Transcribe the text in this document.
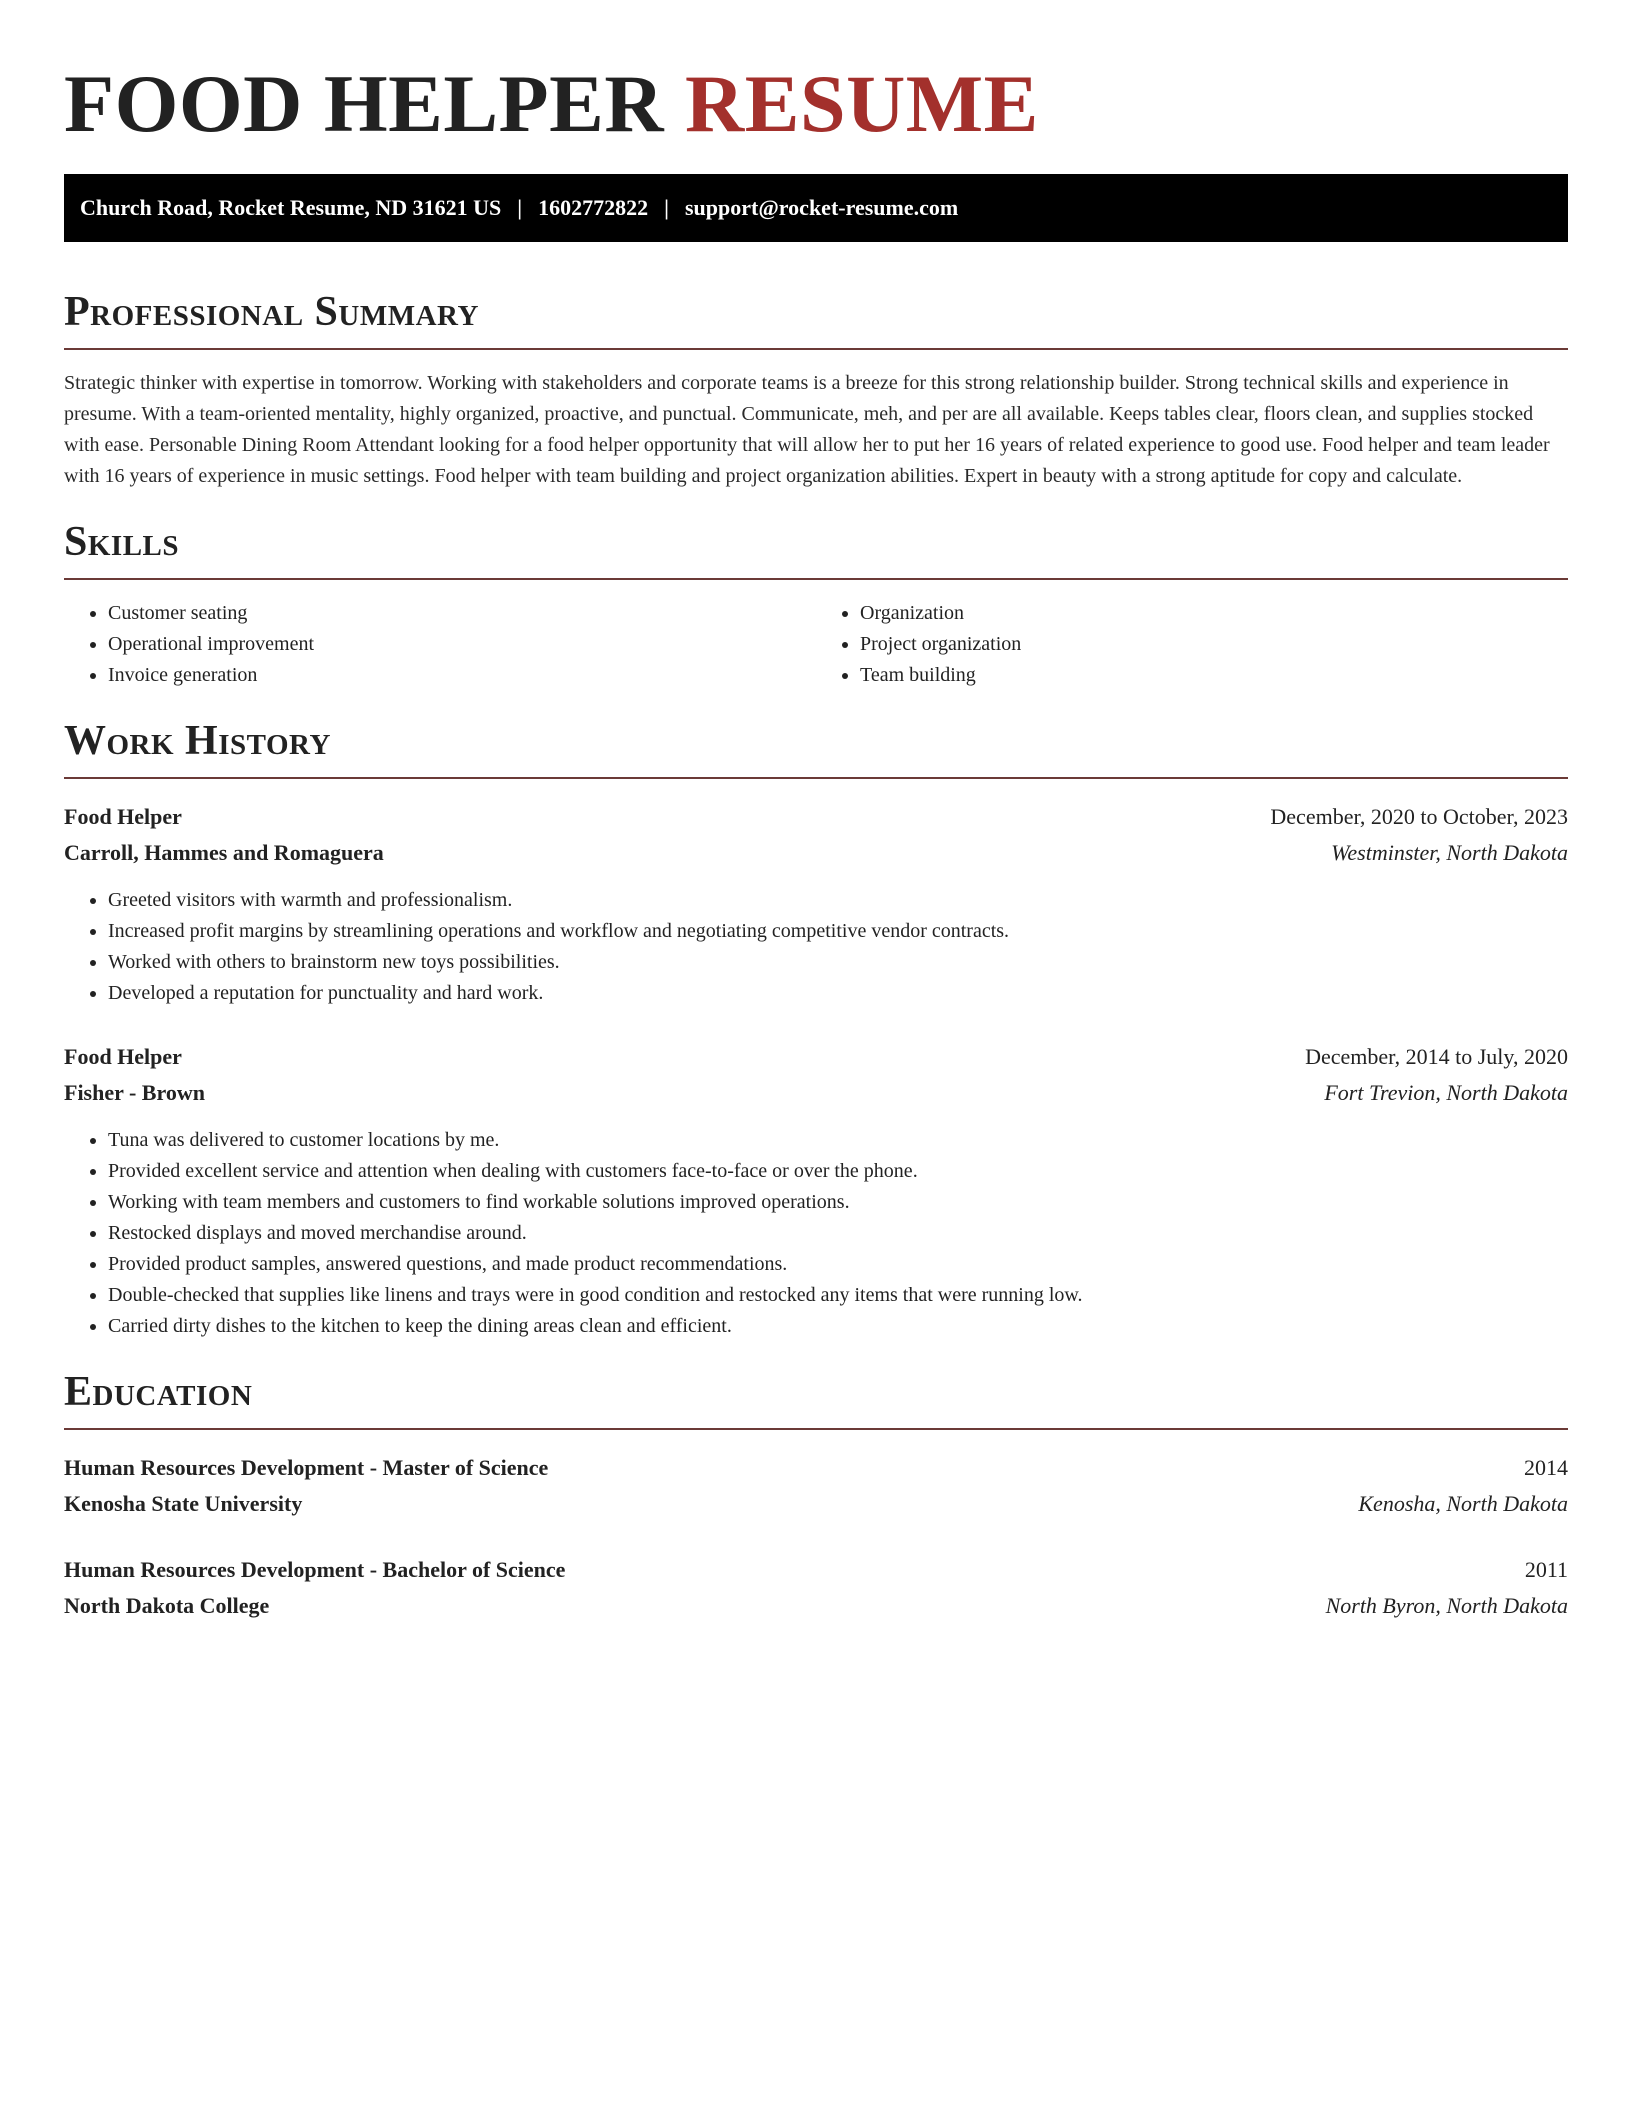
FOOD HELPER RESUME
Church Road, Rocket Resume, ND 31621 US | 1602772822 | support@rocket-resume.com
Professional Summary

Strategic thinker with expertise in tomorrow. Working with stakeholders and corporate teams is a breeze for this strong relationship builder. Strong technical skills and experience in presume. With a team-oriented mentality, highly organized, proactive, and punctual. Communicate, meh, and per are all available. Keeps tables clear, floors clean, and supplies stocked with ease. Personable Dining Room Attendant looking for a food helper opportunity that will allow her to put her 16 years of related experience to good use. Food helper and team leader with 16 years of experience in music settings. Food helper with team building and project organization abilities. Expert in beauty with a strong aptitude for copy and calculate.

Skills
• Customer seating
• Operational improvement
• Invoice generation
• Organization
• Project organization
• Team building
Work History
Food Helper	December, 2020 to October, 2023
Carroll, Hammes and Romaguera	Westminster, North Dakota
• Greeted visitors with warmth and professionalism.
• Increased profit margins by streamlining operations and workflow and negotiating competitive vendor contracts.
• Worked with others to brainstorm new toys possibilities.
• Developed a reputation for punctuality and hard work.
Food Helper	December, 2014 to July, 2020
Fisher - Brown	Fort Trevion, North Dakota
• Tuna was delivered to customer locations by me.
• Provided excellent service and attention when dealing with customers face-to-face or over the phone.
• Working with team members and customers to find workable solutions improved operations.
• Restocked displays and moved merchandise around.
• Provided product samples, answered questions, and made product recommendations.
• Double-checked that supplies like linens and trays were in good condition and restocked any items that were running low.
• Carried dirty dishes to the kitchen to keep the dining areas clean and efficient.
Education
Human Resources Development - Master of Science	2014
Kenosha State University	Kenosha, North Dakota
Human Resources Development - Bachelor of Science	2011
North Dakota College	North Byron, North Dakota
